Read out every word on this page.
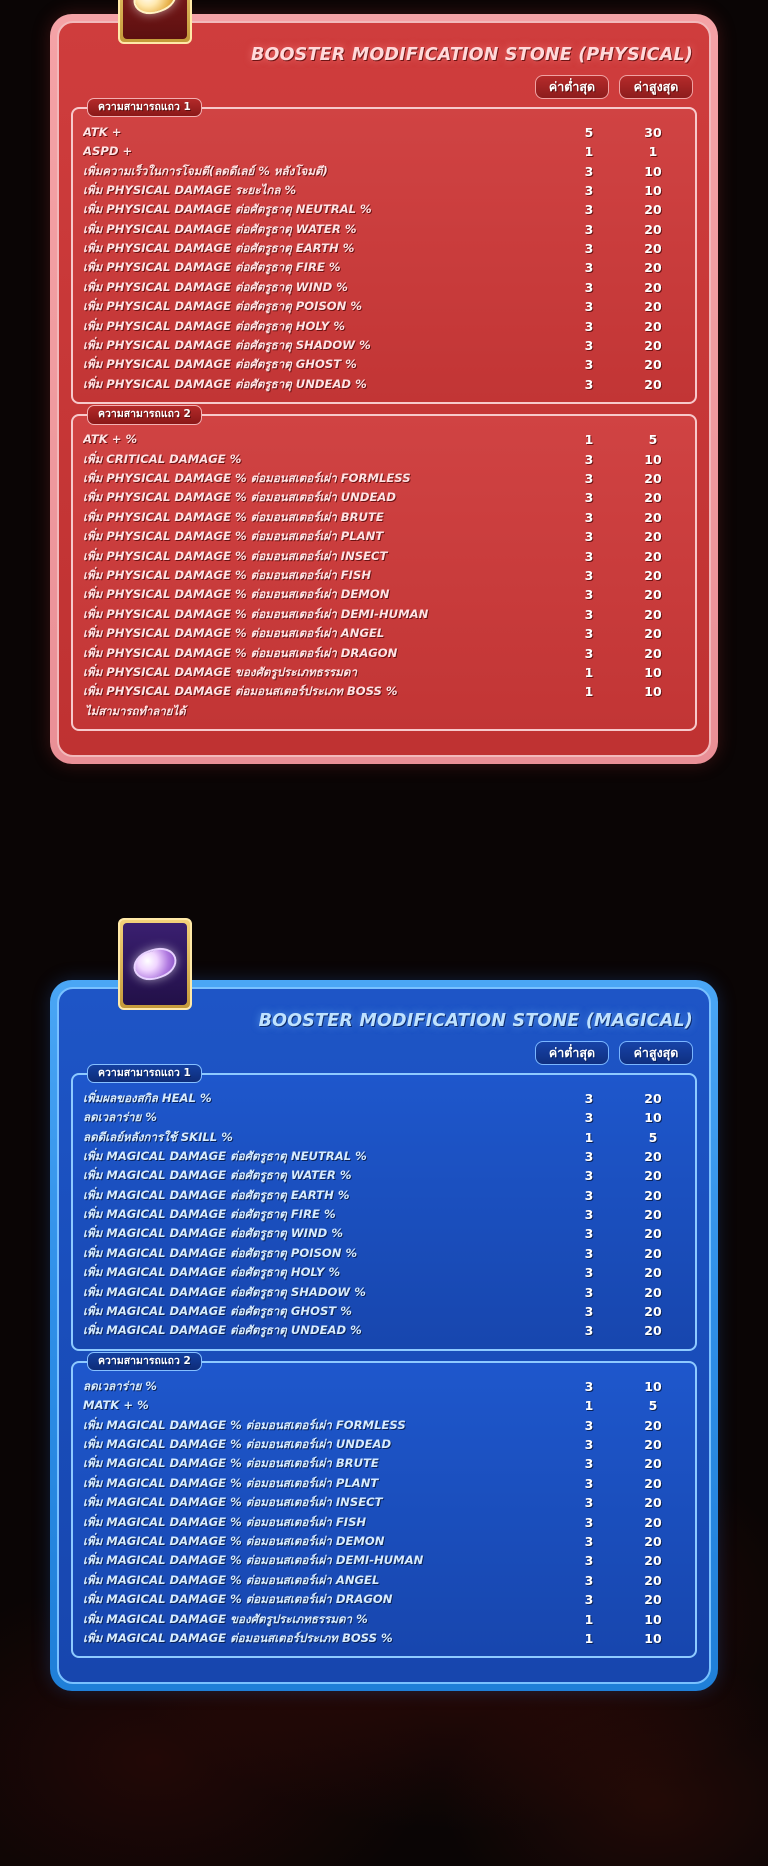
BOOSTER MODIFICATION STONE (PHYSICAL)
ค่าต่ำสุด	ค่าสูงสุด
ความสามารถแถว 1
ATK +	5	30
ASPD +	1	1
เพิ่มความเร็วในการโจมตี(ลดดีเลย์ % หลังโจมตี)	3	10
เพิ่ม PHYSICAL DAMAGE ระยะไกล %	3	10
เพิ่ม PHYSICAL DAMAGE ต่อศัตรูธาตุ NEUTRAL %	3	20
เพิ่ม PHYSICAL DAMAGE ต่อศัตรูธาตุ WATER %	3	20
เพิ่ม PHYSICAL DAMAGE ต่อศัตรูธาตุ EARTH %	3	20
เพิ่ม PHYSICAL DAMAGE ต่อศัตรูธาตุ FIRE %	3	20
เพิ่ม PHYSICAL DAMAGE ต่อศัตรูธาตุ WIND %	3	20
เพิ่ม PHYSICAL DAMAGE ต่อศัตรูธาตุ POISON %	3	20
เพิ่ม PHYSICAL DAMAGE ต่อศัตรูธาตุ HOLY %	3	20
เพิ่ม PHYSICAL DAMAGE ต่อศัตรูธาตุ SHADOW %	3	20
เพิ่ม PHYSICAL DAMAGE ต่อศัตรูธาตุ GHOST %	3	20
เพิ่ม PHYSICAL DAMAGE ต่อศัตรูธาตุ UNDEAD %	3	20
ความสามารถแถว 2
ATK + %	1	5
เพิ่ม CRITICAL DAMAGE %	3	10
เพิ่ม PHYSICAL DAMAGE % ต่อมอนสเตอร์เผ่า FORMLESS	3	20
เพิ่ม PHYSICAL DAMAGE % ต่อมอนสเตอร์เผ่า UNDEAD	3	20
เพิ่ม PHYSICAL DAMAGE % ต่อมอนสเตอร์เผ่า BRUTE	3	20
เพิ่ม PHYSICAL DAMAGE % ต่อมอนสเตอร์เผ่า PLANT	3	20
เพิ่ม PHYSICAL DAMAGE % ต่อมอนสเตอร์เผ่า INSECT	3	20
เพิ่ม PHYSICAL DAMAGE % ต่อมอนสเตอร์เผ่า FISH	3	20
เพิ่ม PHYSICAL DAMAGE % ต่อมอนสเตอร์เผ่า DEMON	3	20
เพิ่ม PHYSICAL DAMAGE % ต่อมอนสเตอร์เผ่า DEMI-HUMAN	3	20
เพิ่ม PHYSICAL DAMAGE % ต่อมอนสเตอร์เผ่า ANGEL	3	20
เพิ่ม PHYSICAL DAMAGE % ต่อมอนสเตอร์เผ่า DRAGON	3	20
เพิ่ม PHYSICAL DAMAGE ของศัตรูประเภทธรรมดา	1	10
เพิ่ม PHYSICAL DAMAGE ต่อมอนสเตอร์ประเภท BOSS %	1	10
ไม่สามารถทำลายได้
BOOSTER MODIFICATION STONE (MAGICAL)
ค่าต่ำสุด	ค่าสูงสุด
ความสามารถแถว 1
เพิ่มผลของสกิล HEAL %	3	20
ลดเวลาร่าย %	3	10
ลดดีเลย์หลังการใช้ SKILL %	1	5
เพิ่ม MAGICAL DAMAGE ต่อศัตรูธาตุ NEUTRAL %	3	20
เพิ่ม MAGICAL DAMAGE ต่อศัตรูธาตุ WATER %	3	20
เพิ่ม MAGICAL DAMAGE ต่อศัตรูธาตุ EARTH %	3	20
เพิ่ม MAGICAL DAMAGE ต่อศัตรูธาตุ FIRE %	3	20
เพิ่ม MAGICAL DAMAGE ต่อศัตรูธาตุ WIND %	3	20
เพิ่ม MAGICAL DAMAGE ต่อศัตรูธาตุ POISON %	3	20
เพิ่ม MAGICAL DAMAGE ต่อศัตรูธาตุ HOLY %	3	20
เพิ่ม MAGICAL DAMAGE ต่อศัตรูธาตุ SHADOW %	3	20
เพิ่ม MAGICAL DAMAGE ต่อศัตรูธาตุ GHOST %	3	20
เพิ่ม MAGICAL DAMAGE ต่อศัตรูธาตุ UNDEAD %	3	20
ความสามารถแถว 2
ลดเวลาร่าย %	3	10
MATK + %	1	5
เพิ่ม MAGICAL DAMAGE % ต่อมอนสเตอร์เผ่า FORMLESS	3	20
เพิ่ม MAGICAL DAMAGE % ต่อมอนสเตอร์เผ่า UNDEAD	3	20
เพิ่ม MAGICAL DAMAGE % ต่อมอนสเตอร์เผ่า BRUTE	3	20
เพิ่ม MAGICAL DAMAGE % ต่อมอนสเตอร์เผ่า PLANT	3	20
เพิ่ม MAGICAL DAMAGE % ต่อมอนสเตอร์เผ่า INSECT	3	20
เพิ่ม MAGICAL DAMAGE % ต่อมอนสเตอร์เผ่า FISH	3	20
เพิ่ม MAGICAL DAMAGE % ต่อมอนสเตอร์เผ่า DEMON	3	20
เพิ่ม MAGICAL DAMAGE % ต่อมอนสเตอร์เผ่า DEMI-HUMAN	3	20
เพิ่ม MAGICAL DAMAGE % ต่อมอนสเตอร์เผ่า ANGEL	3	20
เพิ่ม MAGICAL DAMAGE % ต่อมอนสเตอร์เผ่า DRAGON	3	20
เพิ่ม MAGICAL DAMAGE ของศัตรูประเภทธรรมดา %	1	10
เพิ่ม MAGICAL DAMAGE ต่อมอนสเตอร์ประเภท BOSS %	1	10
